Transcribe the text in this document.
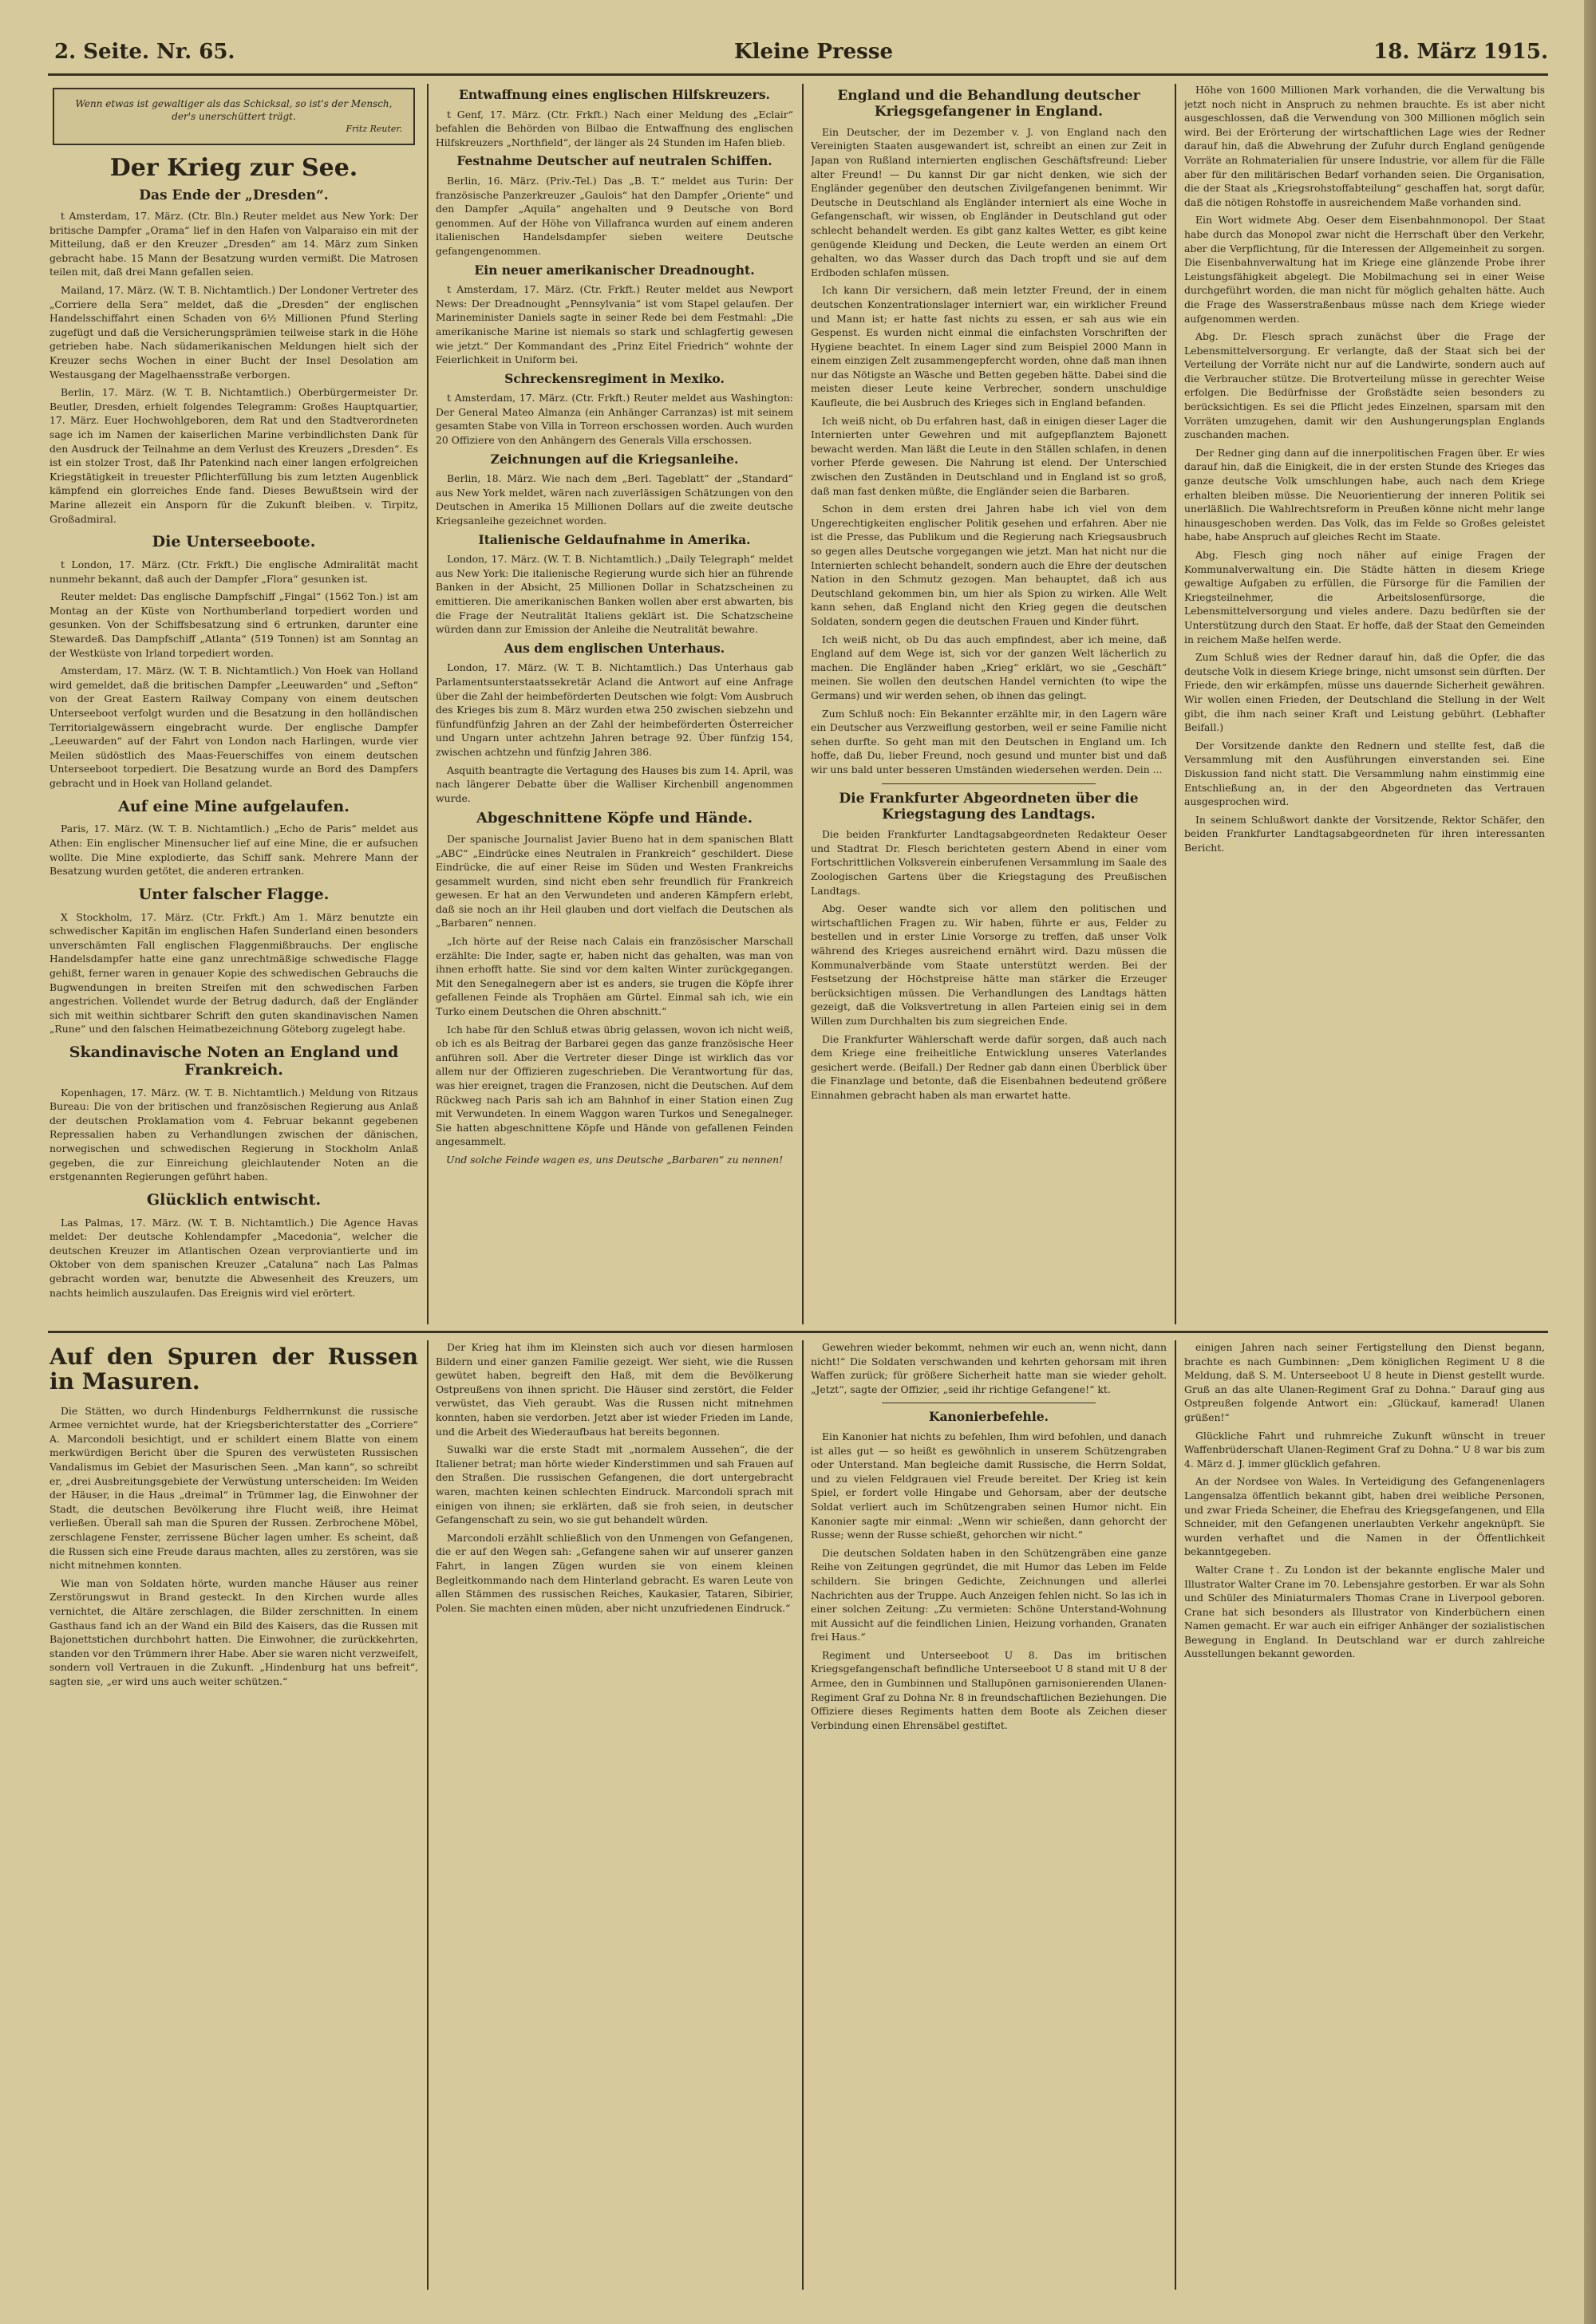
2. Seite. Nr. 65.	Kleine Presse	18. März 1915.
Wenn etwas ist gewaltiger als das Schicksal, so ist's der Mensch, der's unerschüttert trägt.
Fritz Reuter.
Der Krieg zur See.
Das Ende der „Dresden“.

t Amsterdam, 17. März. (Ctr. Bln.) Reuter meldet aus New York: Der britische Dampfer „Orama“ lief in den Hafen von Valparaiso ein mit der Mitteilung, daß er den Kreuzer „Dresden“ am 14. März zum Sinken gebracht habe. 15 Mann der Besatzung wurden vermißt. Die Matrosen teilen mit, daß drei Mann gefallen seien.

Mailand, 17. März. (W. T. B. Nichtamtlich.) Der Londoner Vertreter des „Corriere della Sera“ meldet, daß die „Dresden“ der englischen Handelsschiffahrt einen Schaden von 6½ Millionen Pfund Sterling zugefügt und daß die Versicherungsprämien teilweise stark in die Höhe getrieben habe. Nach südamerikanischen Meldungen hielt sich der Kreuzer sechs Wochen in einer Bucht der Insel Desolation am Westausgang der Magelhaensstraße verborgen.

Berlin, 17. März. (W. T. B. Nichtamtlich.) Oberbürgermeister Dr. Beutler, Dresden, erhielt folgendes Telegramm: Großes Hauptquartier, 17. März. Euer Hochwohlgeboren, dem Rat und den Stadtverordneten sage ich im Namen der kaiserlichen Marine verbindlichsten Dank für den Ausdruck der Teilnahme an dem Verlust des Kreuzers „Dresden“. Es ist ein stolzer Trost, daß Ihr Patenkind nach einer langen erfolgreichen Kriegstätigkeit in treuester Pflichterfüllung bis zum letzten Augenblick kämpfend ein glorreiches Ende fand. Dieses Bewußtsein wird der Marine allezeit ein Ansporn für die Zukunft bleiben. v. Tirpitz, Großadmiral.

Die Unterseeboote.

t London, 17. März. (Ctr. Frkft.) Die englische Admiralität macht nunmehr bekannt, daß auch der Dampfer „Flora“ gesunken ist.

Reuter meldet: Das englische Dampfschiff „Fingal“ (1562 Ton.) ist am Montag an der Küste von Northumberland torpediert worden und gesunken. Von der Schiffsbesatzung sind 6 ertrunken, darunter eine Stewardeß. Das Dampfschiff „Atlanta“ (519 Tonnen) ist am Sonntag an der Westküste von Irland torpediert worden.

Amsterdam, 17. März. (W. T. B. Nichtamtlich.) Von Hoek van Holland wird gemeldet, daß die britischen Dampfer „Leeuwarden“ und „Sefton“ von der Great Eastern Railway Company von einem deutschen Unterseeboot verfolgt wurden und die Besatzung in den holländischen Territorialgewässern eingebracht wurde. Der englische Dampfer „Leeuwarden“ auf der Fahrt von London nach Harlingen, wurde vier Meilen südöstlich des Maas-Feuerschiffes von einem deutschen Unterseeboot torpediert. Die Besatzung wurde an Bord des Dampfers gebracht und in Hoek van Holland gelandet.

Auf eine Mine aufgelaufen.

Paris, 17. März. (W. T. B. Nichtamtlich.) „Echo de Paris“ meldet aus Athen: Ein englischer Minensucher lief auf eine Mine, die er aufsuchen wollte. Die Mine explodierte, das Schiff sank. Mehrere Mann der Besatzung wurden getötet, die anderen ertranken.

Unter falscher Flagge.

X Stockholm, 17. März. (Ctr. Frkft.) Am 1. März benutzte ein schwedischer Kapitän im englischen Hafen Sunderland einen besonders unverschämten Fall englischen Flaggenmißbrauchs. Der englische Handelsdampfer hatte eine ganz unrechtmäßige schwedische Flagge gehißt, ferner waren in genauer Kopie des schwedischen Gebrauchs die Bugwendungen in breiten Streifen mit den schwedischen Farben angestrichen. Vollendet wurde der Betrug dadurch, daß der Engländer sich mit weithin sichtbarer Schrift den guten skandinavischen Namen „Rune“ und den falschen Heimatbezeichnung Göteborg zugelegt habe.

Skandinavische Noten an England und Frankreich.

Kopenhagen, 17. März. (W. T. B. Nichtamtlich.) Meldung von Ritzaus Bureau: Die von der britischen und französischen Regierung aus Anlaß der deutschen Proklamation vom 4. Februar bekannt gegebenen Repressalien haben zu Verhandlungen zwischen der dänischen, norwegischen und schwedischen Regierung in Stockholm Anlaß gegeben, die zur Einreichung gleichlautender Noten an die erstgenannten Regierungen geführt haben.

Glücklich entwischt.

Las Palmas, 17. März. (W. T. B. Nichtamtlich.) Die Agence Havas meldet: Der deutsche Kohlendampfer „Macedonia“, welcher die deutschen Kreuzer im Atlantischen Ozean verproviantierte und im Oktober von dem spanischen Kreuzer „Cataluna“ nach Las Palmas gebracht worden war, benutzte die Abwesenheit des Kreuzers, um nachts heimlich auszulaufen. Das Ereignis wird viel erörtert.

Entwaffnung eines englischen Hilfskreuzers.

t Genf, 17. März. (Ctr. Frkft.) Nach einer Meldung des „Eclair“ befahlen die Behörden von Bilbao die Entwaffnung des englischen Hilfskreuzers „Northfield“, der länger als 24 Stunden im Hafen blieb.

Festnahme Deutscher auf neutralen Schiffen.

Berlin, 16. März. (Priv.-Tel.) Das „B. T.“ meldet aus Turin: Der französische Panzerkreuzer „Gaulois“ hat den Dampfer „Oriente“ und den Dampfer „Aquila“ angehalten und 9 Deutsche von Bord genommen. Auf der Höhe von Villafranca wurden auf einem anderen italienischen Handelsdampfer sieben weitere Deutsche gefangengenommen.

Ein neuer amerikanischer Dreadnought.

t Amsterdam, 17. März. (Ctr. Frkft.) Reuter meldet aus Newport News: Der Dreadnought „Pennsylvania“ ist vom Stapel gelaufen. Der Marineminister Daniels sagte in seiner Rede bei dem Festmahl: „Die amerikanische Marine ist niemals so stark und schlagfertig gewesen wie jetzt.“ Der Kommandant des „Prinz Eitel Friedrich“ wohnte der Feierlichkeit in Uniform bei.

Schreckensregiment in Mexiko.

t Amsterdam, 17. März. (Ctr. Frkft.) Reuter meldet aus Washington: Der General Mateo Almanza (ein Anhänger Carranzas) ist mit seinem gesamten Stabe von Villa in Torreon erschossen worden. Auch wurden 20 Offiziere von den Anhängern des Generals Villa erschossen.

Zeichnungen auf die Kriegsanleihe.

Berlin, 18. März. Wie nach dem „Berl. Tageblatt“ der „Standard“ aus New York meldet, wären nach zuverlässigen Schätzungen von den Deutschen in Amerika 15 Millionen Dollars auf die zweite deutsche Kriegsanleihe gezeichnet worden.

Italienische Geldaufnahme in Amerika.

London, 17. März. (W. T. B. Nichtamtlich.) „Daily Telegraph“ meldet aus New York: Die italienische Regierung wurde sich hier an führende Banken in der Absicht, 25 Millionen Dollar in Schatzscheinen zu emittieren. Die amerikanischen Banken wollen aber erst abwarten, bis die Frage der Neutralität Italiens geklärt ist. Die Schatzscheine würden dann zur Emission der Anleihe die Neutralität bewahre.

Aus dem englischen Unterhaus.

London, 17. März. (W. T. B. Nichtamtlich.) Das Unterhaus gab Parlamentsunterstaatssekretär Acland die Antwort auf eine Anfrage über die Zahl der heimbeförderten Deutschen wie folgt: Vom Ausbruch des Krieges bis zum 8. März wurden etwa 250 zwischen siebzehn und fünfundfünfzig Jahren an der Zahl der heimbeförderten Österreicher und Ungarn unter achtzehn Jahren betrage 92. Über fünfzig 154, zwischen achtzehn und fünfzig Jahren 386.

Asquith beantragte die Vertagung des Hauses bis zum 14. April, was nach längerer Debatte über die Walliser Kirchenbill angenommen wurde.

Abgeschnittene Köpfe und Hände.

Der spanische Journalist Javier Bueno hat in dem spanischen Blatt „ABC“ „Eindrücke eines Neutralen in Frankreich“ geschildert. Diese Eindrücke, die auf einer Reise im Süden und Westen Frankreichs gesammelt wurden, sind nicht eben sehr freundlich für Frankreich gewesen. Er hat an den Verwundeten und anderen Kämpfern erlebt, daß sie noch an ihr Heil glauben und dort vielfach die Deutschen als „Barbaren“ nennen.

„Ich hörte auf der Reise nach Calais ein französischer Marschall erzählte: Die Inder, sagte er, haben nicht das gehalten, was man von ihnen erhofft hatte. Sie sind vor dem kalten Winter zurückgegangen. Mit den Senegalnegern aber ist es anders, sie trugen die Köpfe ihrer gefallenen Feinde als Trophäen am Gürtel. Einmal sah ich, wie ein Turko einem Deutschen die Ohren abschnitt.“

Ich habe für den Schluß etwas übrig gelassen, wovon ich nicht weiß, ob ich es als Beitrag der Barbarei gegen das ganze französische Heer anführen soll. Aber die Vertreter dieser Dinge ist wirklich das vor allem nur der Offizieren zugeschrieben. Die Verantwortung für das, was hier ereignet, tragen die Franzosen, nicht die Deutschen. Auf dem Rückweg nach Paris sah ich am Bahnhof in einer Station einen Zug mit Verwundeten. In einem Waggon waren Turkos und Senegalneger. Sie hatten abgeschnittene Köpfe und Hände von gefallenen Feinden angesammelt.

Und solche Feinde wagen es, uns Deutsche „Barbaren“ zu nennen!

England und die Behandlung deutscher Kriegsgefangener in England.

Ein Deutscher, der im Dezember v. J. von England nach den Vereinigten Staaten ausgewandert ist, schreibt an einen zur Zeit in Japan von Rußland internierten englischen Geschäftsfreund: Lieber alter Freund! — Du kannst Dir gar nicht denken, wie sich der Engländer gegenüber den deutschen Zivilgefangenen benimmt. Wir Deutsche in Deutschland als Engländer interniert als eine Woche in Gefangenschaft, wir wissen, ob Engländer in Deutschland gut oder schlecht behandelt werden. Es gibt ganz kaltes Wetter, es gibt keine genügende Kleidung und Decken, die Leute werden an einem Ort gehalten, wo das Wasser durch das Dach tropft und sie auf dem Erdboden schlafen müssen.

Ich kann Dir versichern, daß mein letzter Freund, der in einem deutschen Konzentrationslager interniert war, ein wirklicher Freund und Mann ist; er hatte fast nichts zu essen, er sah aus wie ein Gespenst. Es wurden nicht einmal die einfachsten Vorschriften der Hygiene beachtet. In einem Lager sind zum Beispiel 2000 Mann in einem einzigen Zelt zusammengepfercht worden, ohne daß man ihnen nur das Nötigste an Wäsche und Betten gegeben hätte. Dabei sind die meisten dieser Leute keine Verbrecher, sondern unschuldige Kaufleute, die bei Ausbruch des Krieges sich in England befanden.

Ich weiß nicht, ob Du erfahren hast, daß in einigen dieser Lager die Internierten unter Gewehren und mit aufgepflanztem Bajonett bewacht werden. Man läßt die Leute in den Ställen schlafen, in denen vorher Pferde gewesen. Die Nahrung ist elend. Der Unterschied zwischen den Zuständen in Deutschland und in England ist so groß, daß man fast denken müßte, die Engländer seien die Barbaren.

Schon in dem ersten drei Jahren habe ich viel von dem Ungerechtigkeiten englischer Politik gesehen und erfahren. Aber nie ist die Presse, das Publikum und die Regierung nach Kriegsausbruch so gegen alles Deutsche vorgegangen wie jetzt. Man hat nicht nur die Internierten schlecht behandelt, sondern auch die Ehre der deutschen Nation in den Schmutz gezogen. Man behauptet, daß ich aus Deutschland gekommen bin, um hier als Spion zu wirken. Alle Welt kann sehen, daß England nicht den Krieg gegen die deutschen Soldaten, sondern gegen die deutschen Frauen und Kinder führt.

Ich weiß nicht, ob Du das auch empfindest, aber ich meine, daß England auf dem Wege ist, sich vor der ganzen Welt lächerlich zu machen. Die Engländer haben „Krieg“ erklärt, wo sie „Geschäft“ meinen. Sie wollen den deutschen Handel vernichten (to wipe the Germans) und wir werden sehen, ob ihnen das gelingt.

Zum Schluß noch: Ein Bekannter erzählte mir, in den Lagern wäre ein Deutscher aus Verzweiflung gestorben, weil er seine Familie nicht sehen durfte. So geht man mit den Deutschen in England um. Ich hoffe, daß Du, lieber Freund, noch gesund und munter bist und daß wir uns bald unter besseren Umständen wiedersehen werden. Dein ...

Die Frankfurter Abgeordneten über die Kriegstagung des Landtags.

Die beiden Frankfurter Landtagsabgeordneten Redakteur Oeser und Stadtrat Dr. Flesch berichteten gestern Abend in einer vom Fortschrittlichen Volksverein einberufenen Versammlung im Saale des Zoologischen Gartens über die Kriegstagung des Preußischen Landtags.

Abg. Oeser wandte sich vor allem den politischen und wirtschaftlichen Fragen zu. Wir haben, führte er aus, Felder zu bestellen und in erster Linie Vorsorge zu treffen, daß unser Volk während des Krieges ausreichend ernährt wird. Dazu müssen die Kommunalverbände vom Staate unterstützt werden. Bei der Festsetzung der Höchstpreise hätte man stärker die Erzeuger berücksichtigen müssen. Die Verhandlungen des Landtags hätten gezeigt, daß die Volksvertretung in allen Parteien einig sei in dem Willen zum Durchhalten bis zum siegreichen Ende.

Die Frankfurter Wählerschaft werde dafür sorgen, daß auch nach dem Kriege eine freiheitliche Entwicklung unseres Vaterlandes gesichert werde. (Beifall.) Der Redner gab dann einen Überblick über die Finanzlage und betonte, daß die Eisenbahnen bedeutend größere Einnahmen gebracht haben als man erwartet hatte.

Höhe von 1600 Millionen Mark vorhanden, die die Verwaltung bis jetzt noch nicht in Anspruch zu nehmen brauchte. Es ist aber nicht ausgeschlossen, daß die Verwendung von 300 Millionen möglich sein wird. Bei der Erörterung der wirtschaftlichen Lage wies der Redner darauf hin, daß die Abwehrung der Zufuhr durch England genügende Vorräte an Rohmaterialien für unsere Industrie, vor allem für die Fälle aber für den militärischen Bedarf vorhanden seien. Die Organisation, die der Staat als „Kriegsrohstoffabteilung“ geschaffen hat, sorgt dafür, daß die nötigen Rohstoffe in ausreichendem Maße vorhanden sind.

Ein Wort widmete Abg. Oeser dem Eisenbahnmonopol. Der Staat habe durch das Monopol zwar nicht die Herrschaft über den Verkehr, aber die Verpflichtung, für die Interessen der Allgemeinheit zu sorgen. Die Eisenbahnverwaltung hat im Kriege eine glänzende Probe ihrer Leistungsfähigkeit abgelegt. Die Mobilmachung sei in einer Weise durchgeführt worden, die man nicht für möglich gehalten hätte. Auch die Frage des Wasserstraßenbaus müsse nach dem Kriege wieder aufgenommen werden.

Abg. Dr. Flesch sprach zunächst über die Frage der Lebensmittelversorgung. Er verlangte, daß der Staat sich bei der Verteilung der Vorräte nicht nur auf die Landwirte, sondern auch auf die Verbraucher stütze. Die Brotverteilung müsse in gerechter Weise erfolgen. Die Bedürfnisse der Großstädte seien besonders zu berücksichtigen. Es sei die Pflicht jedes Einzelnen, sparsam mit den Vorräten umzugehen, damit wir den Aushungerungsplan Englands zuschanden machen.

Der Redner ging dann auf die innerpolitischen Fragen über. Er wies darauf hin, daß die Einigkeit, die in der ersten Stunde des Krieges das ganze deutsche Volk umschlungen habe, auch nach dem Kriege erhalten bleiben müsse. Die Neuorientierung der inneren Politik sei unerläßlich. Die Wahlrechtsreform in Preußen könne nicht mehr lange hinausgeschoben werden. Das Volk, das im Felde so Großes geleistet habe, habe Anspruch auf gleiches Recht im Staate.

Abg. Flesch ging noch näher auf einige Fragen der Kommunalverwaltung ein. Die Städte hätten in diesem Kriege gewaltige Aufgaben zu erfüllen, die Fürsorge für die Familien der Kriegsteilnehmer, die Arbeitslosenfürsorge, die Lebensmittelversorgung und vieles andere. Dazu bedürften sie der Unterstützung durch den Staat. Er hoffe, daß der Staat den Gemeinden in reichem Maße helfen werde.

Zum Schluß wies der Redner darauf hin, daß die Opfer, die das deutsche Volk in diesem Kriege bringe, nicht umsonst sein dürften. Der Friede, den wir erkämpfen, müsse uns dauernde Sicherheit gewähren. Wir wollen einen Frieden, der Deutschland die Stellung in der Welt gibt, die ihm nach seiner Kraft und Leistung gebührt. (Lebhafter Beifall.)

Der Vorsitzende dankte den Rednern und stellte fest, daß die Versammlung mit den Ausführungen einverstanden sei. Eine Diskussion fand nicht statt. Die Versammlung nahm einstimmig eine Entschließung an, in der den Abgeordneten das Vertrauen ausgesprochen wird.

In seinem Schlußwort dankte der Vorsitzende, Rektor Schäfer, den beiden Frankfurter Landtagsabgeordneten für ihren interessanten Bericht.

Auf den Spuren der Russen in Masuren.

Die Stätten, wo durch Hindenburgs Feldherrnkunst die russische Armee vernichtet wurde, hat der Kriegsberichterstatter des „Corriere“ A. Marcondoli besichtigt, und er schildert einem Blatte von einem merkwürdigen Bericht über die Spuren des verwüsteten Russischen Vandalismus im Gebiet der Masurischen Seen. „Man kann“, so schreibt er, „drei Ausbreitungsgebiete der Verwüstung unterscheiden: Im Weiden der Häuser, in die Haus „dreimal“ in Trümmer lag, die Einwohner der Stadt, die deutschen Bevölkerung ihre Flucht weiß, ihre Heimat verließen. Überall sah man die Spuren der Russen. Zerbrochene Möbel, zerschlagene Fenster, zerrissene Bücher lagen umher. Es scheint, daß die Russen sich eine Freude daraus machten, alles zu zerstören, was sie nicht mitnehmen konnten.

Wie man von Soldaten hörte, wurden manche Häuser aus reiner Zerstörungswut in Brand gesteckt. In den Kirchen wurde alles vernichtet, die Altäre zerschlagen, die Bilder zerschnitten. In einem Gasthaus fand ich an der Wand ein Bild des Kaisers, das die Russen mit Bajonettstichen durchbohrt hatten. Die Einwohner, die zurückkehrten, standen vor den Trümmern ihrer Habe. Aber sie waren nicht verzweifelt, sondern voll Vertrauen in die Zukunft. „Hindenburg hat uns befreit“, sagten sie, „er wird uns auch weiter schützen.“

Der Krieg hat ihm im Kleinsten sich auch vor diesen harmlosen Bildern und einer ganzen Familie gezeigt. Wer sieht, wie die Russen gewütet haben, begreift den Haß, mit dem die Bevölkerung Ostpreußens von ihnen spricht. Die Häuser sind zerstört, die Felder verwüstet, das Vieh geraubt. Was die Russen nicht mitnehmen konnten, haben sie verdorben. Jetzt aber ist wieder Frieden im Lande, und die Arbeit des Wiederaufbaus hat bereits begonnen.

Suwalki war die erste Stadt mit „normalem Aussehen“, die der Italiener betrat; man hörte wieder Kinderstimmen und sah Frauen auf den Straßen. Die russischen Gefangenen, die dort untergebracht waren, machten keinen schlechten Eindruck. Marcondoli sprach mit einigen von ihnen; sie erklärten, daß sie froh seien, in deutscher Gefangenschaft zu sein, wo sie gut behandelt würden.

Marcondoli erzählt schließlich von den Unmengen von Gefangenen, die er auf den Wegen sah: „Gefangene sahen wir auf unserer ganzen Fahrt, in langen Zügen wurden sie von einem kleinen Begleitkommando nach dem Hinterland gebracht. Es waren Leute von allen Stämmen des russischen Reiches, Kaukasier, Tataren, Sibirier, Polen. Sie machten einen müden, aber nicht unzufriedenen Eindruck.“

Gewehren wieder bekommt, nehmen wir euch an, wenn nicht, dann nicht!“ Die Soldaten verschwanden und kehrten gehorsam mit ihren Waffen zurück; für größere Sicherheit hatte man sie wieder geholt. „Jetzt“, sagte der Offizier, „seid ihr richtige Gefangene!“ kt.

Kanonierbefehle.

Ein Kanonier hat nichts zu befehlen, Ihm wird befohlen, und danach ist alles gut — so heißt es gewöhnlich in unserem Schützengraben oder Unterstand. Man begleiche damit Russische, die Herrn Soldat, und zu vielen Feldgrauen viel Freude bereitet. Der Krieg ist kein Spiel, er fordert volle Hingabe und Gehorsam, aber der deutsche Soldat verliert auch im Schützengraben seinen Humor nicht. Ein Kanonier sagte mir einmal: „Wenn wir schießen, dann gehorcht der Russe; wenn der Russe schießt, gehorchen wir nicht.“

Die deutschen Soldaten haben in den Schützengräben eine ganze Reihe von Zeitungen gegründet, die mit Humor das Leben im Felde schildern. Sie bringen Gedichte, Zeichnungen und allerlei Nachrichten aus der Truppe. Auch Anzeigen fehlen nicht. So las ich in einer solchen Zeitung: „Zu vermieten: Schöne Unterstand-Wohnung mit Aussicht auf die feindlichen Linien, Heizung vorhanden, Granaten frei Haus.“

Regiment und Unterseeboot U 8. Das im britischen Kriegsgefangenschaft befindliche Unterseeboot U 8 stand mit U 8 der Armee, den in Gumbinnen und Stallupönen garnisonierenden Ulanen-Regiment Graf zu Dohna Nr. 8 in freundschaftlichen Beziehungen. Die Offiziere dieses Regiments hatten dem Boote als Zeichen dieser Verbindung einen Ehrensäbel gestiftet.

einigen Jahren nach seiner Fertigstellung den Dienst begann, brachte es nach Gumbinnen: „Dem königlichen Regiment U 8 die Meldung, daß S. M. Unterseeboot U 8 heute in Dienst gestellt wurde. Gruß an das alte Ulanen-Regiment Graf zu Dohna.“ Darauf ging aus Ostpreußen folgende Antwort ein: „Glückauf, kamerad! Ulanen grüßen!“

Glückliche Fahrt und ruhmreiche Zukunft wünscht in treuer Waffenbrüderschaft Ulanen-Regiment Graf zu Dohna.“ U 8 war bis zum 4. März d. J. immer glücklich gefahren.

An der Nordsee von Wales. In Verteidigung des Gefangenenlagers Langensalza öffentlich bekannt gibt, haben drei weibliche Personen, und zwar Frieda Scheiner, die Ehefrau des Kriegsgefangenen, und Ella Schneider, mit den Gefangenen unerlaubten Verkehr angeknüpft. Sie wurden verhaftet und die Namen in der Öffentlichkeit bekanntgegeben.

Walter Crane †. Zu London ist der bekannte englische Maler und Illustrator Walter Crane im 70. Lebensjahre gestorben. Er war als Sohn und Schüler des Miniaturmalers Thomas Crane in Liverpool geboren. Crane hat sich besonders als Illustrator von Kinderbüchern einen Namen gemacht. Er war auch ein eifriger Anhänger der sozialistischen Bewegung in England. In Deutschland war er durch zahlreiche Ausstellungen bekannt geworden.
